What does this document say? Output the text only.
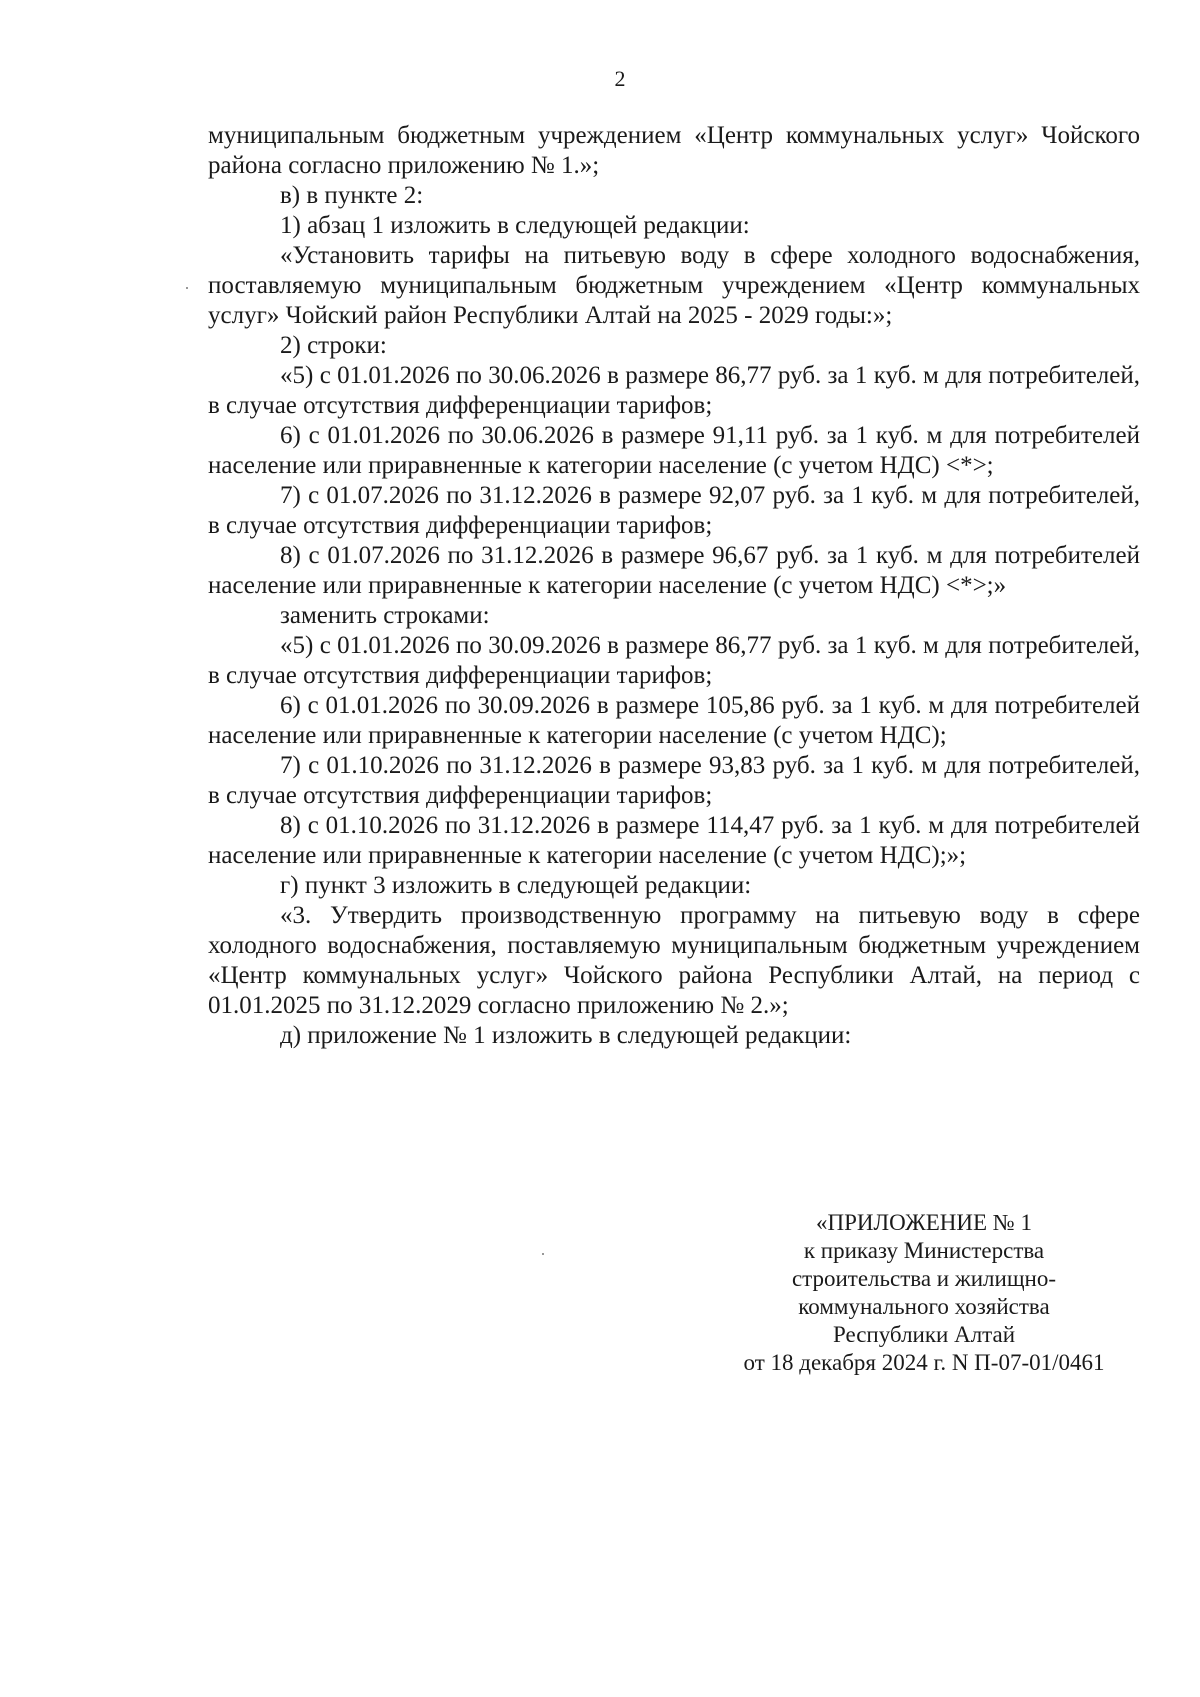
2

муниципальным бюджетным учреждением «Центр коммунальных услуг» Чойского района согласно приложению № 1.»;

в) в пункте 2:

1) абзац 1 изложить в следующей редакции:

«Установить тарифы на питьевую воду в сфере холодного водоснабжения, поставляемую муниципальным бюджетным учреждением «Центр коммунальных услуг» Чойский район Республики Алтай на 2025 - 2029 годы:»;

2) строки:

«5) с 01.01.2026 по 30.06.2026 в размере 86,77 руб. за 1 куб. м для потребителей, в случае отсутствия дифференциации тарифов;

6) с 01.01.2026 по 30.06.2026 в размере 91,11 руб. за 1 куб. м для потребителей население или приравненные к категории население (с учетом НДС) <*>;

7) с 01.07.2026 по 31.12.2026 в размере 92,07 руб. за 1 куб. м для потребителей, в случае отсутствия дифференциации тарифов;

8) с 01.07.2026 по 31.12.2026 в размере 96,67 руб. за 1 куб. м для потребителей население или приравненные к категории население (с учетом НДС) <*>;»

заменить строками:

«5) с 01.01.2026 по 30.09.2026 в размере 86,77 руб. за 1 куб. м для потребителей, в случае отсутствия дифференциации тарифов;

6) с 01.01.2026 по 30.09.2026 в размере 105,86 руб. за 1 куб. м для потребителей население или приравненные к категории население (с учетом НДС);

7) с 01.10.2026 по 31.12.2026 в размере 93,83 руб. за 1 куб. м для потребителей, в случае отсутствия дифференциации тарифов;

8) с 01.10.2026 по 31.12.2026 в размере 114,47 руб. за 1 куб. м для потребителей население или приравненные к категории население (с учетом НДС);»;

г) пункт 3 изложить в следующей редакции:

«3. Утвердить производственную программу на питьевую воду в сфере холодного водоснабжения, поставляемую муниципальным бюджетным учреждением «Центр коммунальных услуг» Чойского района Республики Алтай, на период с 01.01.2025 по 31.12.2029 согласно приложению № 2.»;

д) приложение № 1 изложить в следующей редакции:

«ПРИЛОЖЕНИЕ № 1
к приказу Министерства
строительства и жилищно-
коммунального хозяйства
Республики Алтай
от 18 декабря 2024 г. N П-07-01/0461
